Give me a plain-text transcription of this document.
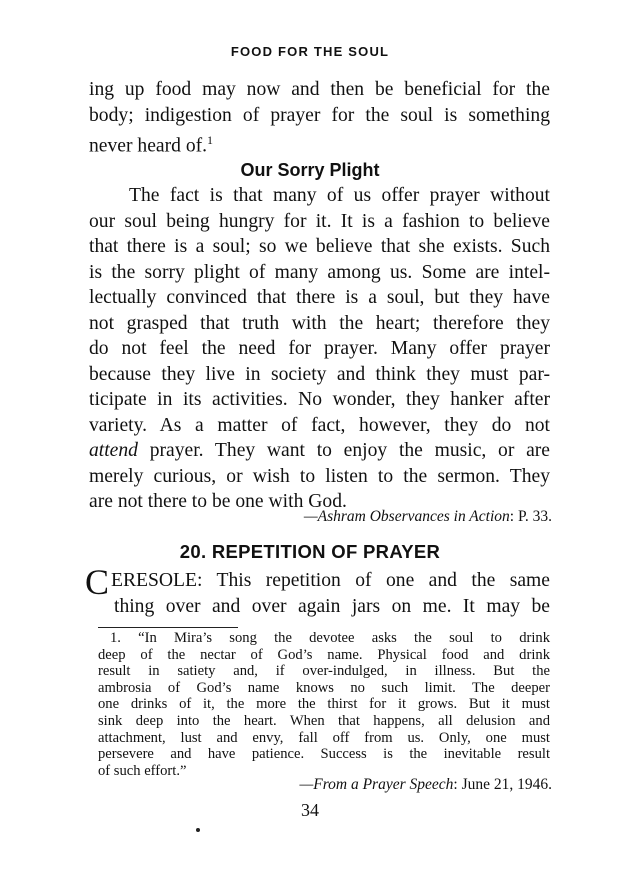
FOOD FOR THE SOUL
ing up food may now and then be beneficial for the
body; indigestion of prayer for the soul is something
never heard of.$^1$
Our Sorry Plight
The fact is that many of us offer prayer without
our soul being hungry for it. It is a fashion to believe
that there is a soul; so we believe that she exists. Such
is the sorry plight of many among us. Some are intel-
lectually convinced that there is a soul, but they have
not grasped that truth with the heart; therefore they
do not feel the need for prayer. Many offer prayer
because they live in society and think they must par-
ticipate in its activities. No wonder, they hanker after
variety. As a matter of fact, however, they do not
attend prayer. They want to enjoy the music, or are
merely curious, or wish to listen to the sermon. They
are not there to be one with God.
—Ashram Observances in Action: P. 33.
20. REPETITION OF PRAYER
C ERESOLE: This repetition of one and the same
thing over and over again jars on me. It may be
1. “In Mira’s song the devotee asks the soul to drink
deep of the nectar of God’s name. Physical food and drink
result in satiety and, if over-indulged, in illness. But the
ambrosia of God’s name knows no such limit. The deeper
one drinks of it, the more the thirst for it grows. But it must
sink deep into the heart. When that happens, all delusion and
attachment, lust and envy, fall off from us. Only, one must
persevere and have patience. Success is the inevitable result
of such effort.”
—From a Prayer Speech: June 21, 1946.
34
